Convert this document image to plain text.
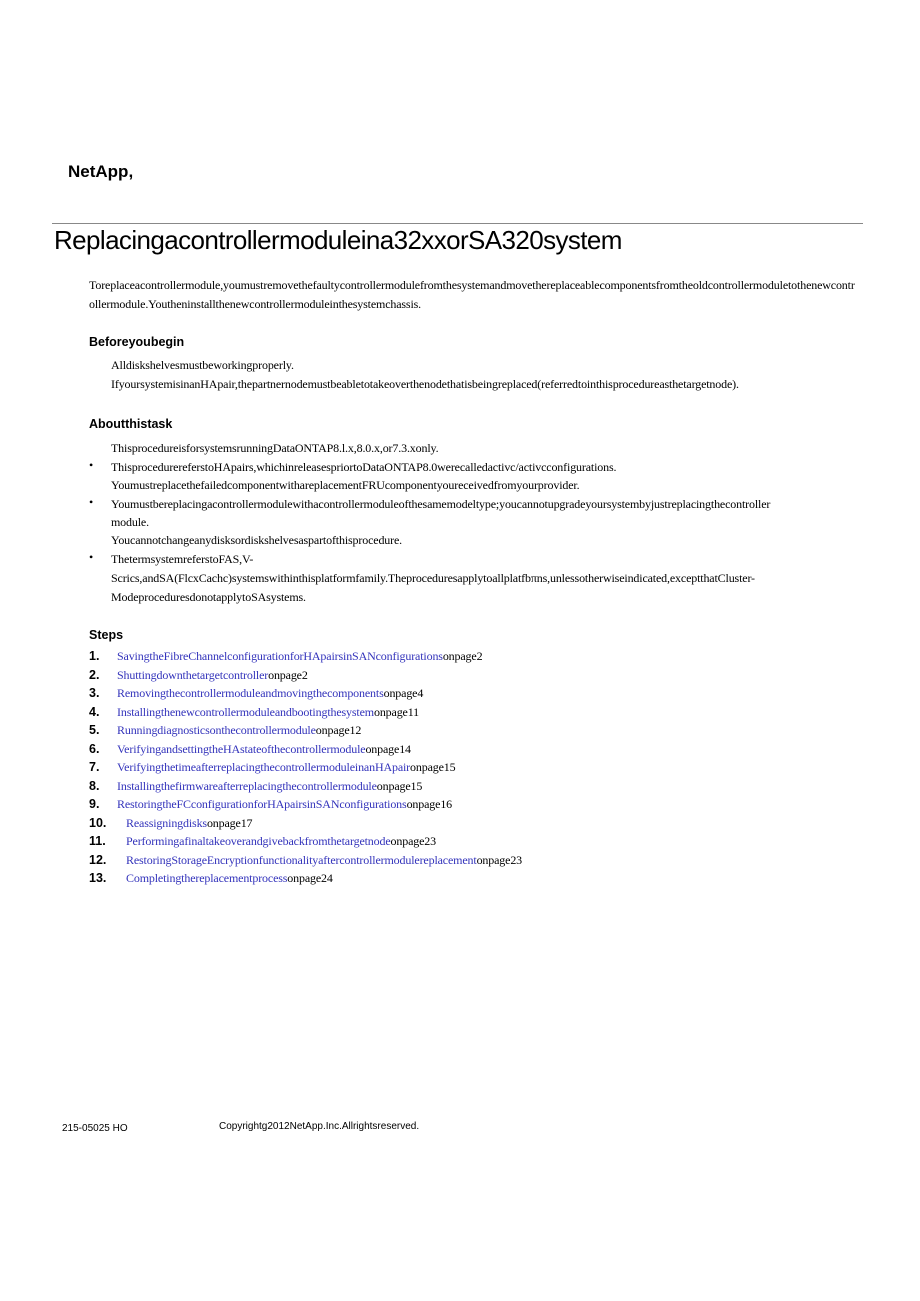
NetApp,
Replacingacontrollermoduleina32xxorSA320system
Toreplaceacontrollermodule,youmustremovethefaultycontrollermodulefromthesystemandmovethereplaceablecomponentsfromtheoldcontrollermoduletothenewcontrollermodule.Youtheninstallthenewcontrollermoduleinthesystemchassis.
Beforeyoubegin
Alldiskshelvesmustbeworkingproperly.
IfyoursystemisinanHApair,thepartnernodemustbeabletotakeoverthenodethatisbeingreplaced(referredtointhisprocedureasthetargetnode).
Aboutthistask
ThisprocedureisforsystemsrunningDataONTAP8.l.x,8.0.x,or7.3.xonly.
• ThisprocedurereferstoHApairs,whichinreleasespriortoDataONTAP8.0werecalledactivc/activcconfigurations.
YoumustreplacethefailedcomponentwithareplacementFRUcomponentyoureceivedfromyourprovider.
• Youmustbereplacingacontrollermodulewithacontrollermoduleofthesamemodeltype;youcannotupgradeyoursystembyjustreplacingthecontroller
module.
Youcannotchangeanydisksordiskshelvesaspartofthisprocedure.
• ThetermsystemreferstoFAS,V-
Scrics,andSA(FlcxCachc)systemswithinthisplatformfamily.Theproceduresapplytoallplatfbπns,unlessotherwiseindicated,exceptthatCluster-
ModeproceduresdonotapplytoSAsystems.
Steps
1.	SavingtheFibreChannelconfigurationforHApairsinSANconfigurations onpage2
2.	Shuttingdownthetargetcontroller onpage2
3.	Removingthecontrollermoduleandmovingthecomponents onpage4
4.	Installingthenewcontrollermoduleandbootingthesystem onpage11
5.	Runningdiagnosticsonthecontrollermodule onpage12
6.	VerifyingandsettingtheHAstateofthecontrollermodule onpage14
7.	VerifyingthetimeafterreplacingthecontrollermoduleinanHApair onpage15
8.	Installingthefirmwareafterreplacingthecontrollermodule onpage15
9.	RestoringtheFCconfigurationforHApairsinSANconfigurations onpage16
10.	Reassigningdisks onpage17
11.	Performingafinaltakeoverandgivebackfromthetargetnode onpage23
12.	RestoringStorageEncryptionfunctionalityaftercontrollermodulereplacement onpage23
13.	Completingthereplacementprocess onpage24
215-05025 HO	Copyrightg2012NetApp.Inc.Allrightsreserved.
